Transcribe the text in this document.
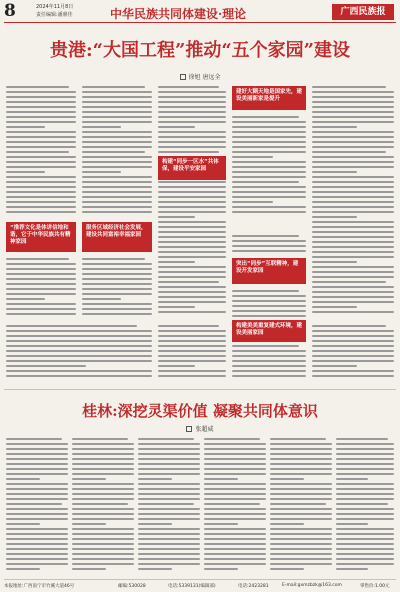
8	2024年11月8日
责任编辑:潘鼎佳	中华民族共同体建设·理论	广西民族报
贵港:“大国工程”推动“五个家园”建设
徐旭 唐远全
建好大糊天地是国家先，建设美丽新家是提升
“推荐文化是体讲信地和谐，它于中华民族共有精神家园
服务区域经济社会发展，建设共同富裕幸福家园
构建“同步一区水”共体保，建设平安家园
突出“同步”互联精神，建设开发家园
构建美美重复建式环境，建设美丽家园
桂林:深挖灵渠价值 凝聚共同体意识
张超威
本报地址:广西南宁市竹溪大道46号	邮编:530028	电话:5339131(编辑部)	电话:2423281	E-mail:gxmzbzk@163.com	零售价:1.00元
